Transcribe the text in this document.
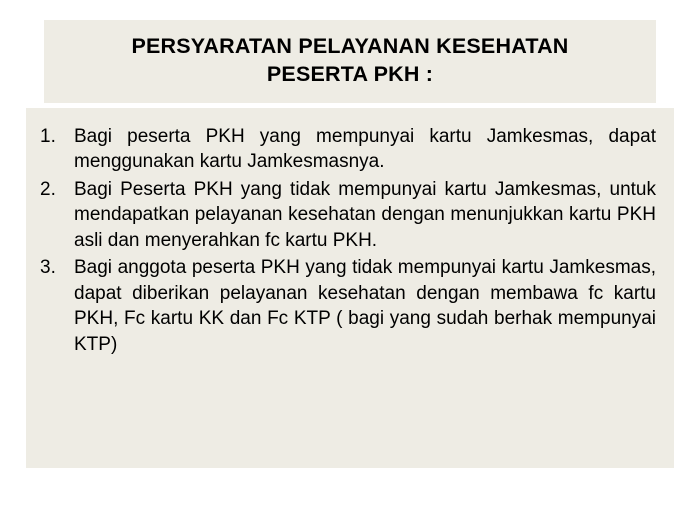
PERSYARATAN PELAYANAN KESEHATAN
PESERTA PKH :
1. Bagi peserta PKH yang mempunyai kartu Jamkesmas, dapat menggunakan kartu Jamkesmasnya.
2. Bagi Peserta PKH yang tidak mempunyai kartu Jamkesmas, untuk mendapatkan pelayanan kesehatan dengan menunjukkan kartu PKH asli dan menyerahkan fc kartu PKH.
3. Bagi anggota peserta PKH yang tidak mempunyai kartu Jamkesmas, dapat diberikan pelayanan kesehatan dengan membawa fc kartu PKH, Fc kartu KK dan Fc KTP ( bagi yang sudah berhak mempunyai KTP)
